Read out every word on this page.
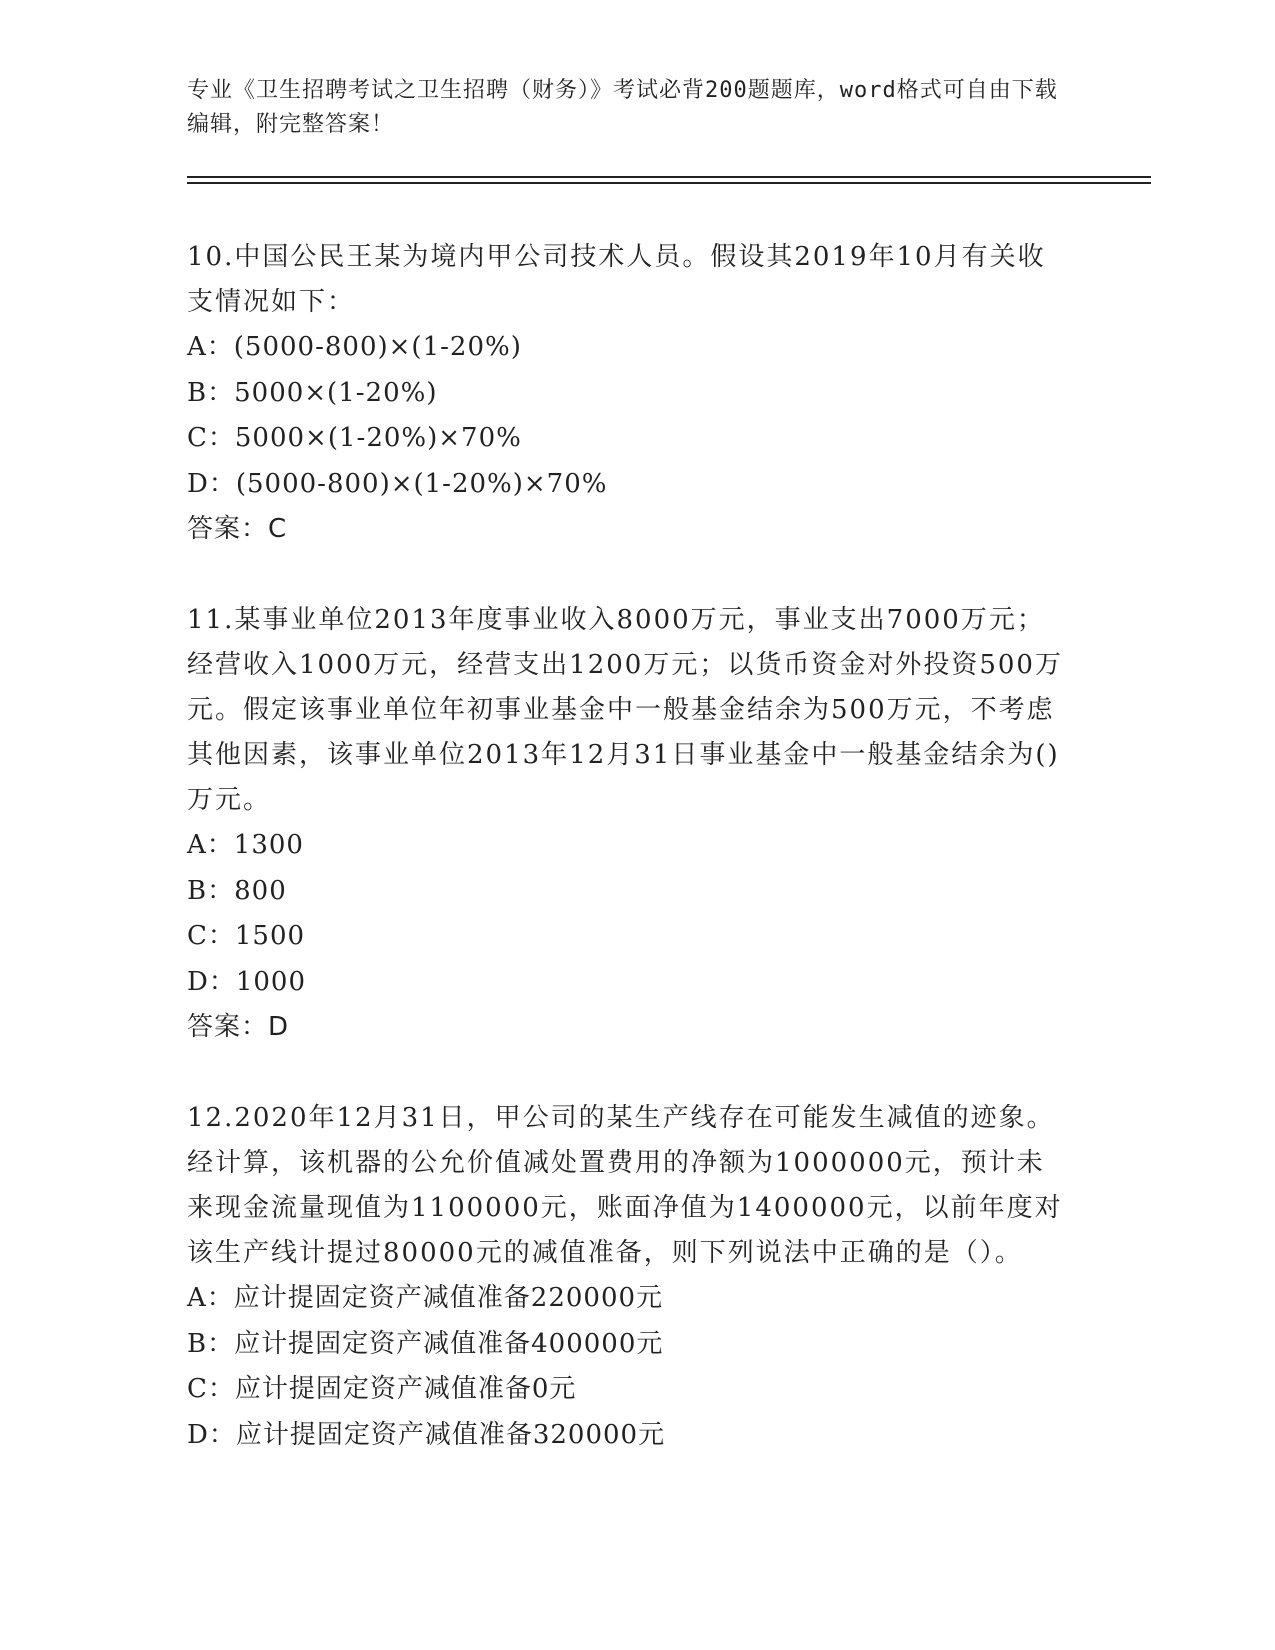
专业《卫生招聘考试之卫生招聘（财务）》考试必背200题题库，word格式可自由下载编辑，附完整答案！

10.中国公民王某为境内甲公司技术人员。假设其2019年10月有关收支情况如下：

A：(5000-800)×(1-20%)

B：5000×(1-20%)

C：5000×(1-20%)×70%

D：(5000-800)×(1-20%)×70%

答案：C

11.某事业单位2013年度事业收入8000万元，事业支出7000万元；经营收入1000万元，经营支出1200万元；以货币资金对外投资500万元。假定该事业单位年初事业基金中一般基金结余为500万元，不考虑其他因素，该事业单位2013年12月31日事业基金中一般基金结余为()万元。

A：1300

B：800

C：1500

D：1000

答案：D

12.2020年12月31日，甲公司的某生产线存在可能发生减值的迹象。经计算，该机器的公允价值减处置费用的净额为1000000元，预计未来现金流量现值为1100000元，账面净值为1400000元，以前年度对该生产线计提过80000元的减值准备，则下列说法中正确的是（）。

A：应计提固定资产减值准备220000元

B：应计提固定资产减值准备400000元

C：应计提固定资产减值准备0元

D：应计提固定资产减值准备320000元
